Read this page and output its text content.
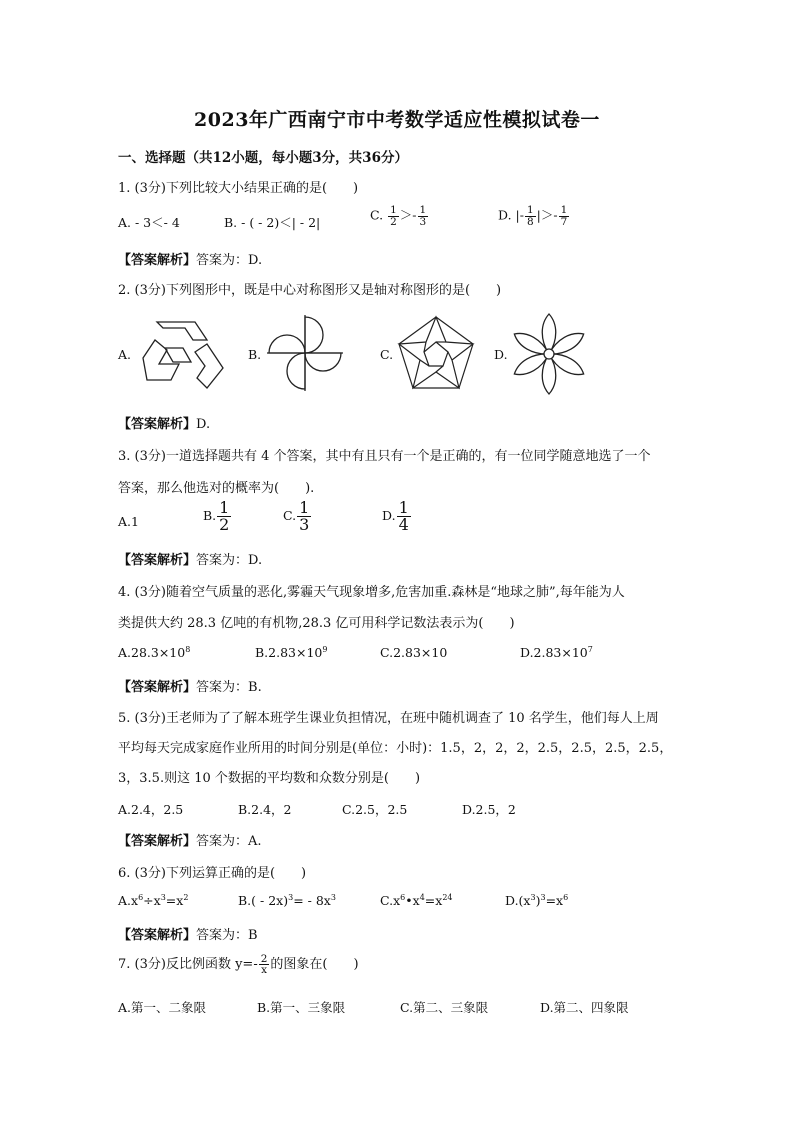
2023年广西南宁市中考数学适应性模拟试卷一
一、选择题（共12小题，每小题3分，共36分）
1. (3分)下列比较大小结果正确的是(　　)
A. - 3＜- 4	B. - ( - 2)＜| - 2|	C. $\frac{1}{2} >- \frac{1}{3}$	D. |- $\frac{1}{8}$ |＞- $\frac{1}{7}$
【答案解析】答案为：D.
2. (3分)下列图形中，既是中心对称图形又是轴对称图形的是(　　)
A.	B.	C.	D.
【答案解析】D.
3. (3分)一道选择题共有 4 个答案，其中有且只有一个是正确的，有一位同学随意地选了一个
答案，那么他选对的概率为(　　).
A.1	B. $\frac{1}{2}$	C. $\frac{1}{3}$	D. $\frac{1}{4}$
【答案解析】答案为：D.
4. (3分)随着空气质量的恶化,雾霾天气现象增多,危害加重.森林是“地球之肺”,每年能为人
类提供大约 28.3 亿吨的有机物,28.3 亿可用科学记数法表示为(　　)
$A.28.3\times 10^8$	$B.2.83\times 10^9$	C.2.83×10	$D.2.83\times 10^7$
【答案解析】答案为：B.
5. (3分)王老师为了了解本班学生课业负担情况，在班中随机调查了 10 名学生，他们每人上周
平均每天完成家庭作业所用的时间分别是(单位：小时)：1.5，2，2，2，2.5，2.5，2.5，2.5，
3，3.5.则这 10 个数据的平均数和众数分别是(　　)
A.2.4，2.5	B.2.4，2	C.2.5，2.5	D.2.5，2
【答案解析】答案为：A.
6. (3分)下列运算正确的是(　　)
$A.x^6\div x^3=x^2$	$B.( - 2x)^3= - 8x^3$	$C.x^6•x^4=x^{24}$	$D.(x^3)^3=x^6$
【答案解析】答案为：B
7. (3分)反比例函数 $y=- \frac{2}{x}$ 的图象在(　　)
A.第一、二象限	B.第一、三象限	C.第二、三象限	D.第二、四象限
